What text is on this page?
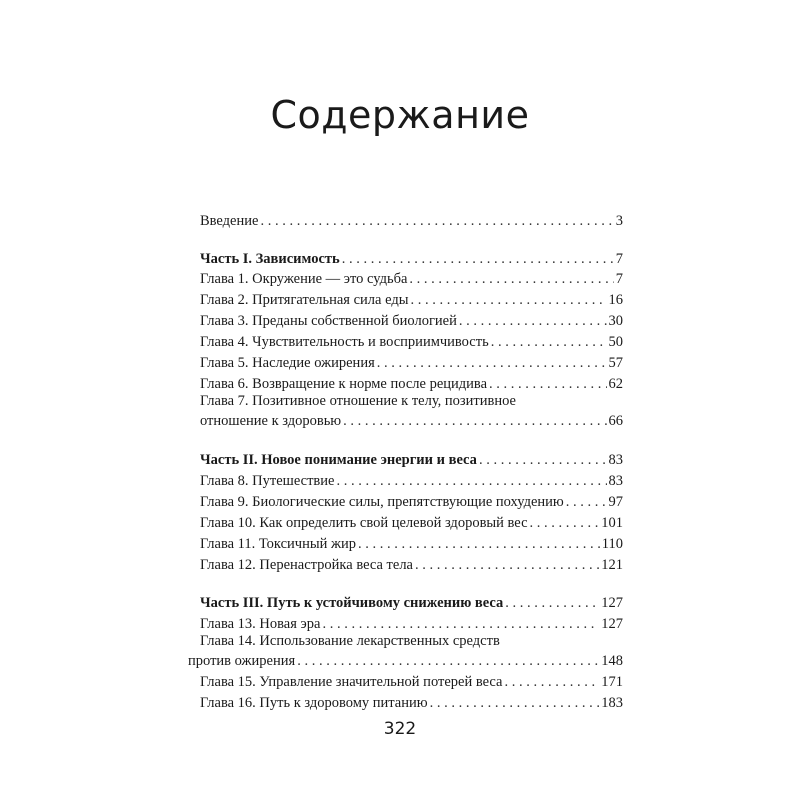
Содержание
Введение . . .	3
Часть I. Зависимость . . .	7
Глава 1. Окружение — это судьба . . .	7
Глава 2. Притягательная сила еды . . .	16
Глава 3. Преданы собственной биологией . . .	30
Глава 4. Чувствительность и восприимчивость . . .	50
Глава 5. Наследие ожирения . . .	57
Глава 6. Возвращение к норме после рецидива . . .	62
Глава 7. Позитивное отношение к телу, позитивное
отношение к здоровью . . .	66
Часть II. Новое понимание энергии и веса . . .	83
Глава 8. Путешествие . . .	83
Глава 9. Биологические силы, препятствующие похудению . . .	97
Глава 10. Как определить свой целевой здоровый вес . . .	101
Глава 11. Токсичный жир . . .	110
Глава 12. Перенастройка веса тела . . .	121
Часть III. Путь к устойчивому снижению веса . . .	127
Глава 13. Новая эра . . .	127
Глава 14. Использование лекарственных средств
против ожирения . . .	148
Глава 15. Управление значительной потерей веса . . .	171
Глава 16. Путь к здоровому питанию . . .	183
322
